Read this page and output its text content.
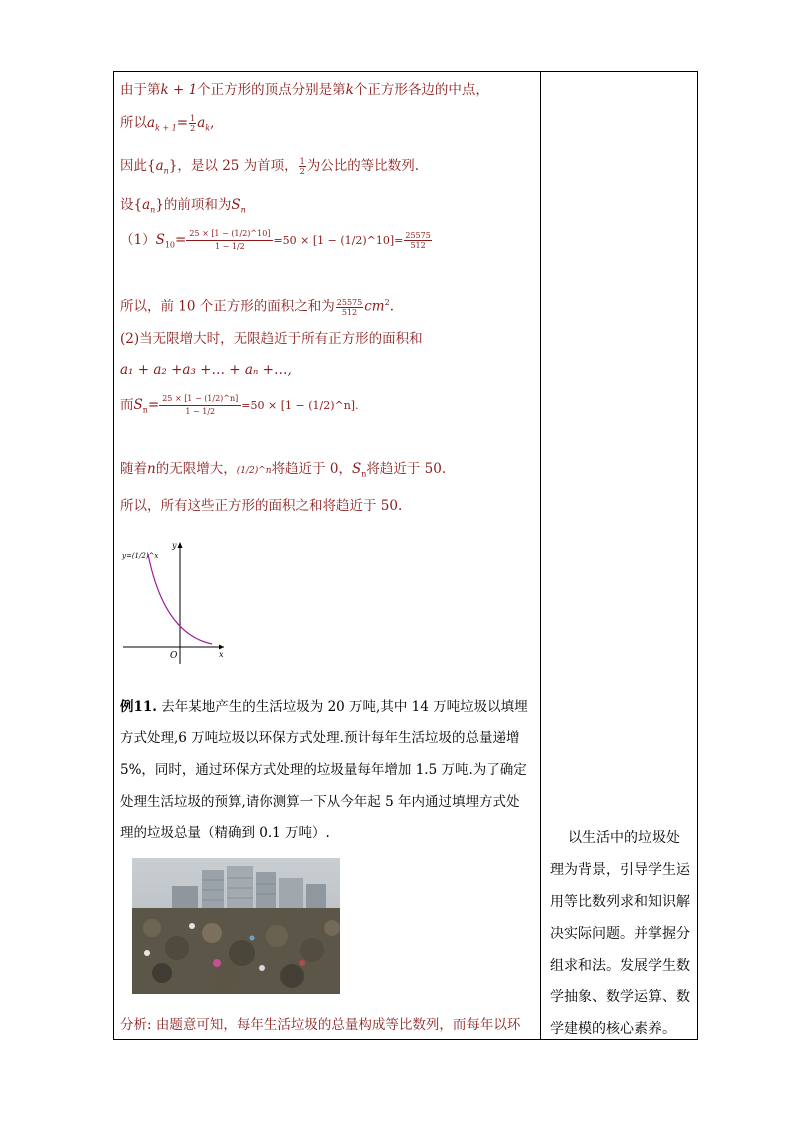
由于第k + 1个正方形的顶点分别是第k个正方形各边的中点，
所以$a_{k + 1}= \frac{1}{2} a_k$,
因此$\{a_n\}$，是以 25 为首项， $\frac{1}{2}$ 为公比的等比数列.
设$\{a_n\}$的前项和为$S_n$
$(1)S_{10}= \frac{25 \times [1 - (1/2)\^{}10]}{1 - 1/2} =50 \times [1$ − (1/2)^10]= $\frac{25575}{512}$
所以，前 10 个正方形的面积之和为 $\frac{25575}{512} cm^2$.
(2)当无限增大时，无限趋近于所有正方形的面积和
a₁ + a₂ +a₃ +… + aₙ +…,
而$S_n= \frac{25 \times [1 - (1/2)\^{}n]}{1 - 1/2} =50 \times [1$ − (1/2)^n].
随着n的无限增大，(1/2)^n将趋近于 0，$S_n$将趋近于 50.
所以，所有这些正方形的面积之和将趋近于 50.
y=(1/2)^x
y
x
O
例11. 去年某地产生的生活垃圾为 20 万吨,其中 14 万吨垃圾以填埋
方式处理,6 万吨垃圾以环保方式处理.预计每年生活垃圾的总量递增
5%，同时，通过环保方式处理的垃圾量每年增加 1.5 万吨.为了确定
处理生活垃圾的预算,请你测算一下从今年起 5 年内通过填埋方式处
理的垃圾总量（精确到 0.1 万吨）.
分析: 由题意可知，每年生活垃圾的总量构成等比数列，而每年以环
以生活中的垃圾处
理为背景，引导学生运
用等比数列求和知识解
决实际问题。并掌握分
组求和法。发展学生数
学抽象、数学运算、数
学建模的核心素养。
